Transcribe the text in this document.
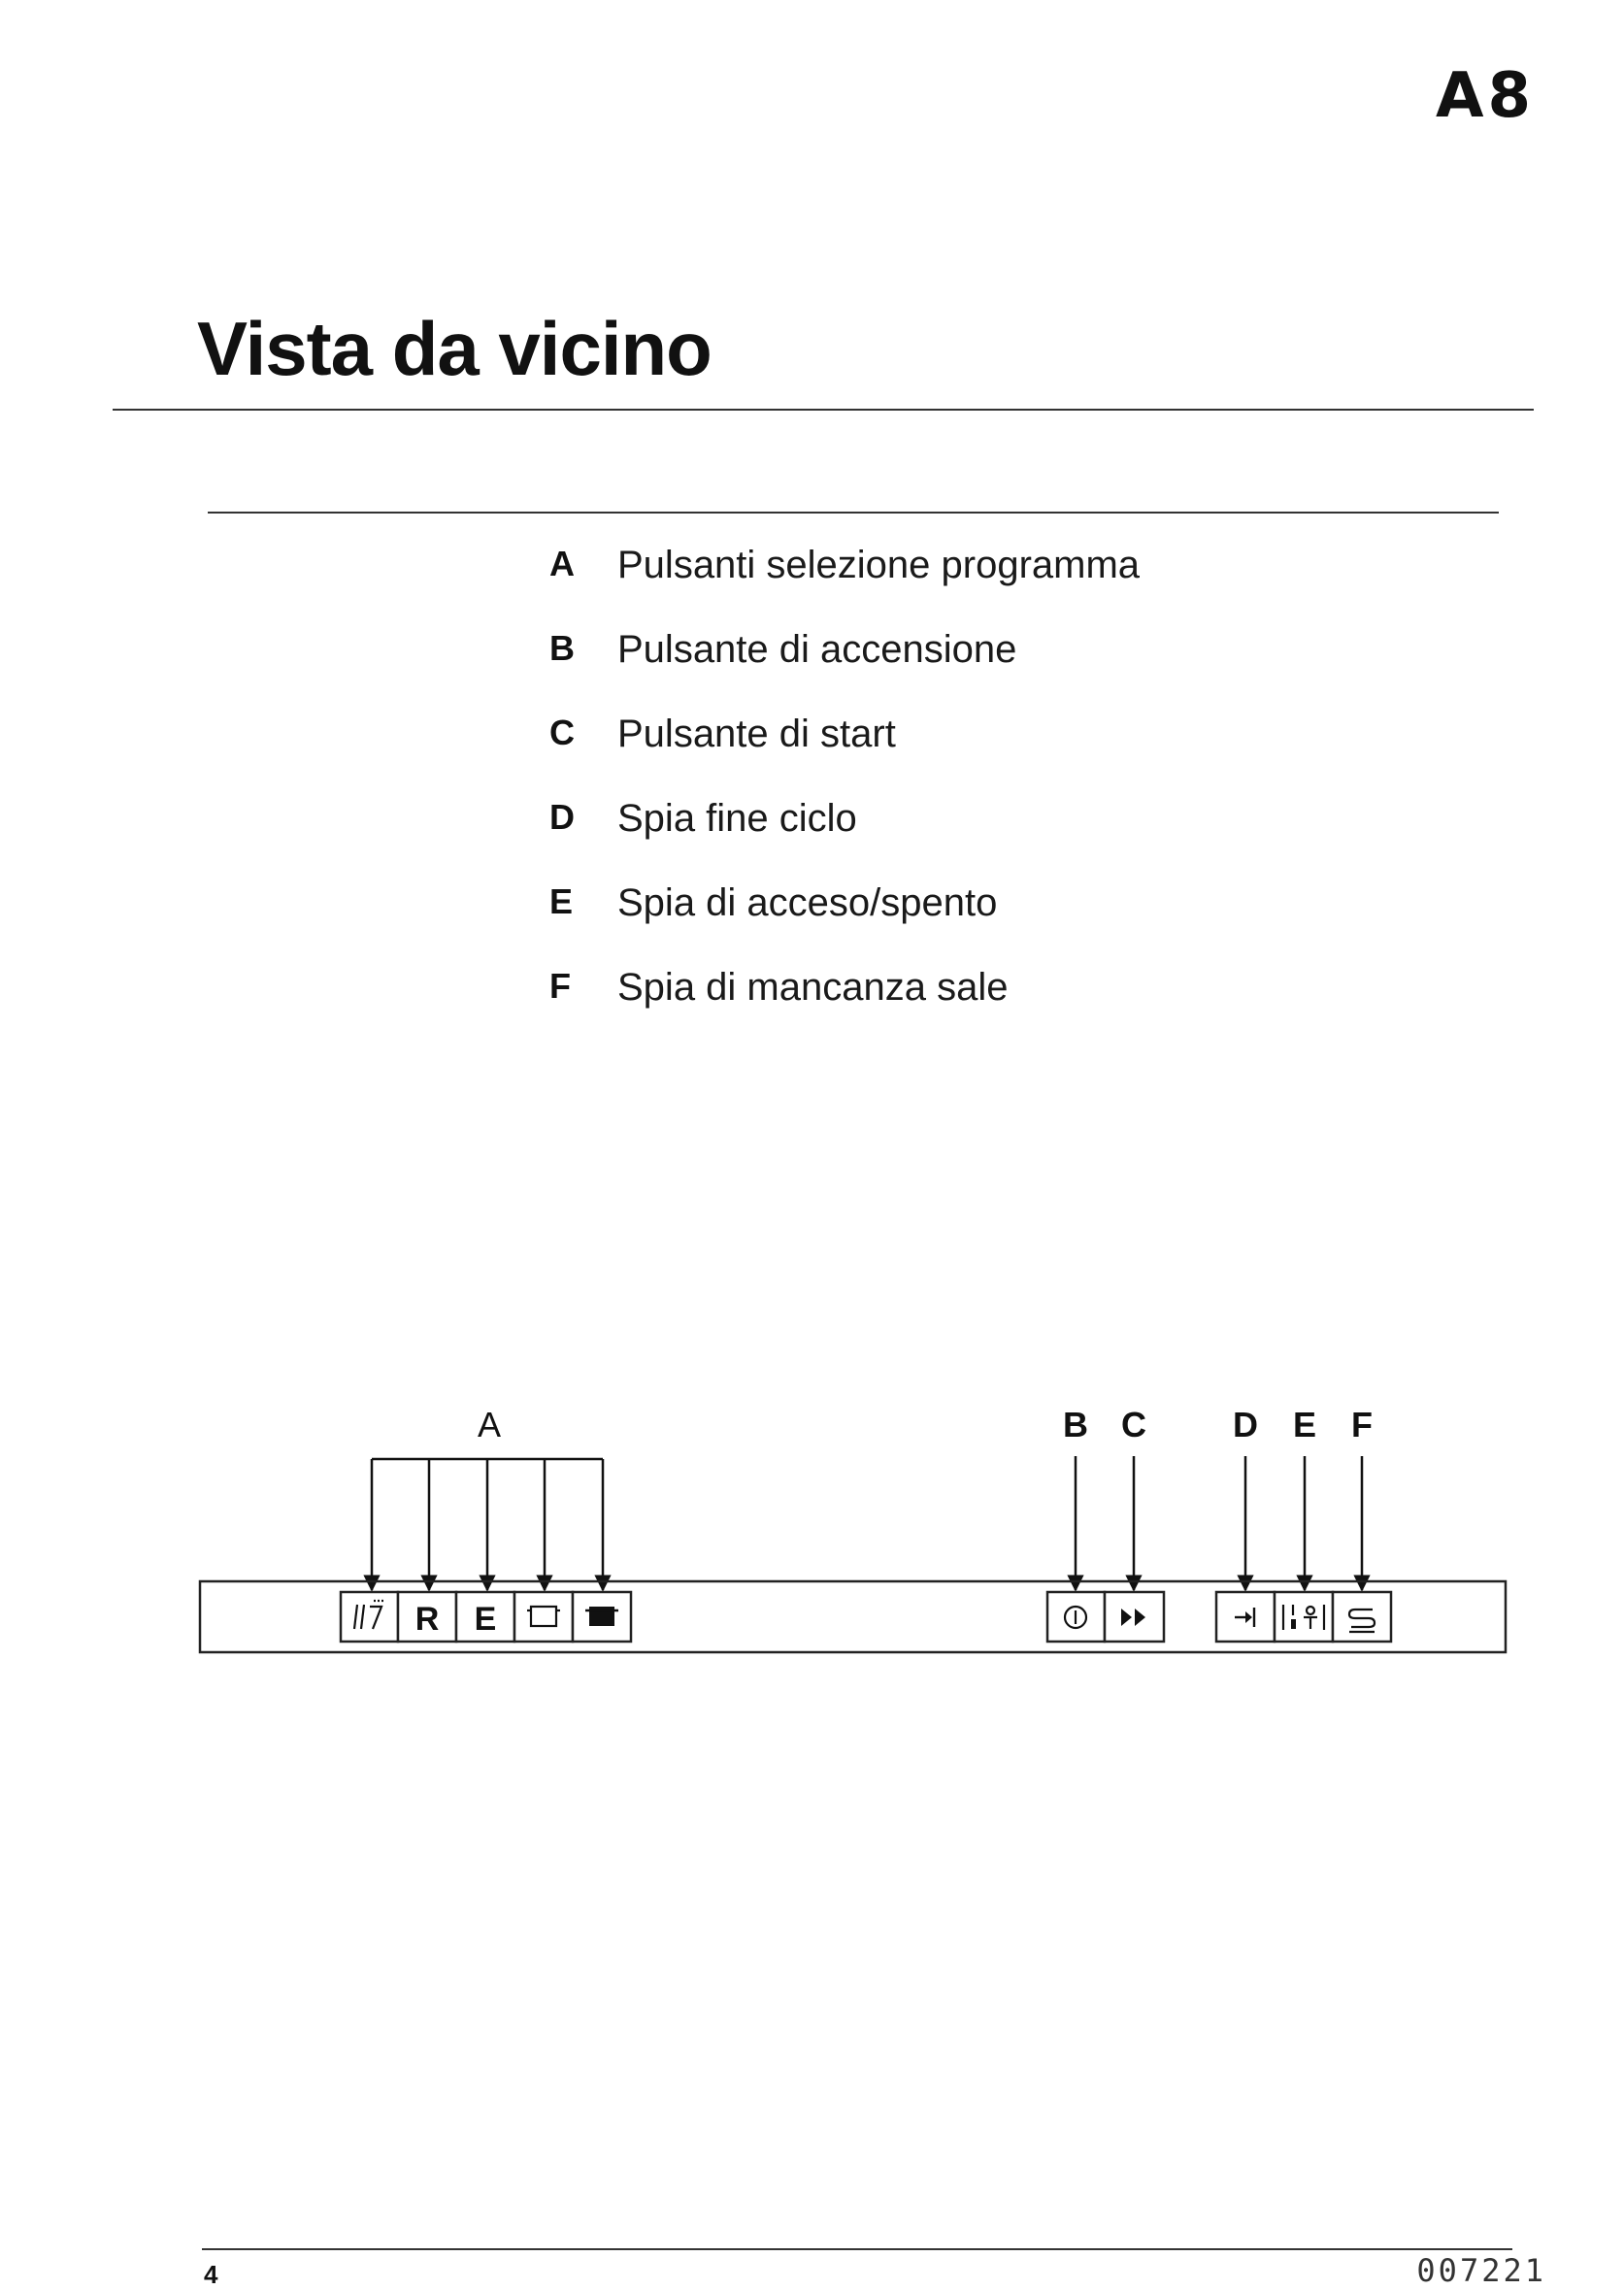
A8
Vista da vicino
A	Pulsanti selezione programma
B	Pulsante di accensione
C	Pulsante di start
D	Spia fine ciclo
E	Spia di acceso/spento
F	Spia di mancanza sale
A	B C D E F
R E
4	007221
